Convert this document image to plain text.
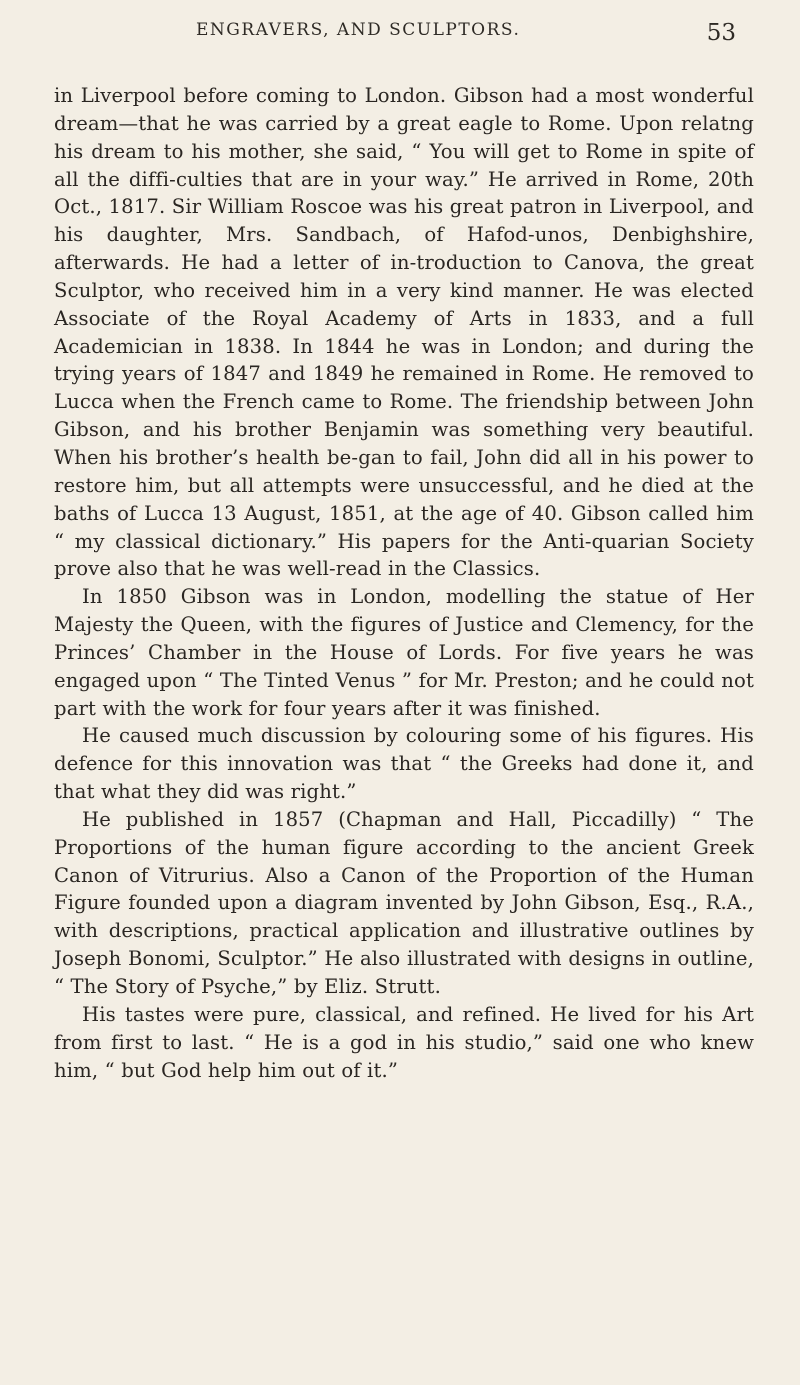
ENGRAVERS, AND SCULPTORS.	53

in Liverpool before coming to London. Gibson had a most wonderful dream—that he was carried by a great eagle to Rome. Upon relatng his dream to his mother, she said, “ You will get to Rome in spite of all the diffi-culties that are in your way.” He arrived in Rome, 20th Oct., 1817. Sir William Roscoe was his great patron in Liverpool, and his daughter, Mrs. Sandbach, of Hafod-unos, Denbighshire, afterwards. He had a letter of in-troduction to Canova, the great Sculptor, who received him in a very kind manner. He was elected Associate of the Royal Academy of Arts in 1833, and a full Academician in 1838. In 1844 he was in London; and during the trying years of 1847 and 1849 he remained in Rome. He removed to Lucca when the French came to Rome. The friendship between John Gibson, and his brother Benjamin was something very beautiful. When his brother’s health be-gan to fail, John did all in his power to restore him, but all attempts were unsuccessful, and he died at the baths of Lucca 13 August, 1851, at the age of 40. Gibson called him “ my classical dictionary.” His papers for the Anti-quarian Society prove also that he was well-read in the Classics.

In 1850 Gibson was in London, modelling the statue of Her Majesty the Queen, with the figures of Justice and Clemency, for the Princes’ Chamber in the House of Lords. For five years he was engaged upon “ The Tinted Venus ” for Mr. Preston; and he could not part with the work for four years after it was finished.

He caused much discussion by colouring some of his figures. His defence for this innovation was that “ the Greeks had done it, and that what they did was right.”

He published in 1857 (Chapman and Hall, Piccadilly) “ The Proportions of the human figure according to the ancient Greek Canon of Vitrurius. Also a Canon of the Proportion of the Human Figure founded upon a diagram invented by John Gibson, Esq., R.A., with descriptions, practical application and illustrative outlines by Joseph Bonomi, Sculptor.” He also illustrated with designs in outline, “ The Story of Psyche,” by Eliz. Strutt.

His tastes were pure, classical, and refined. He lived for his Art from first to last. “ He is a god in his studio,” said one who knew him, “ but God help him out of it.”
